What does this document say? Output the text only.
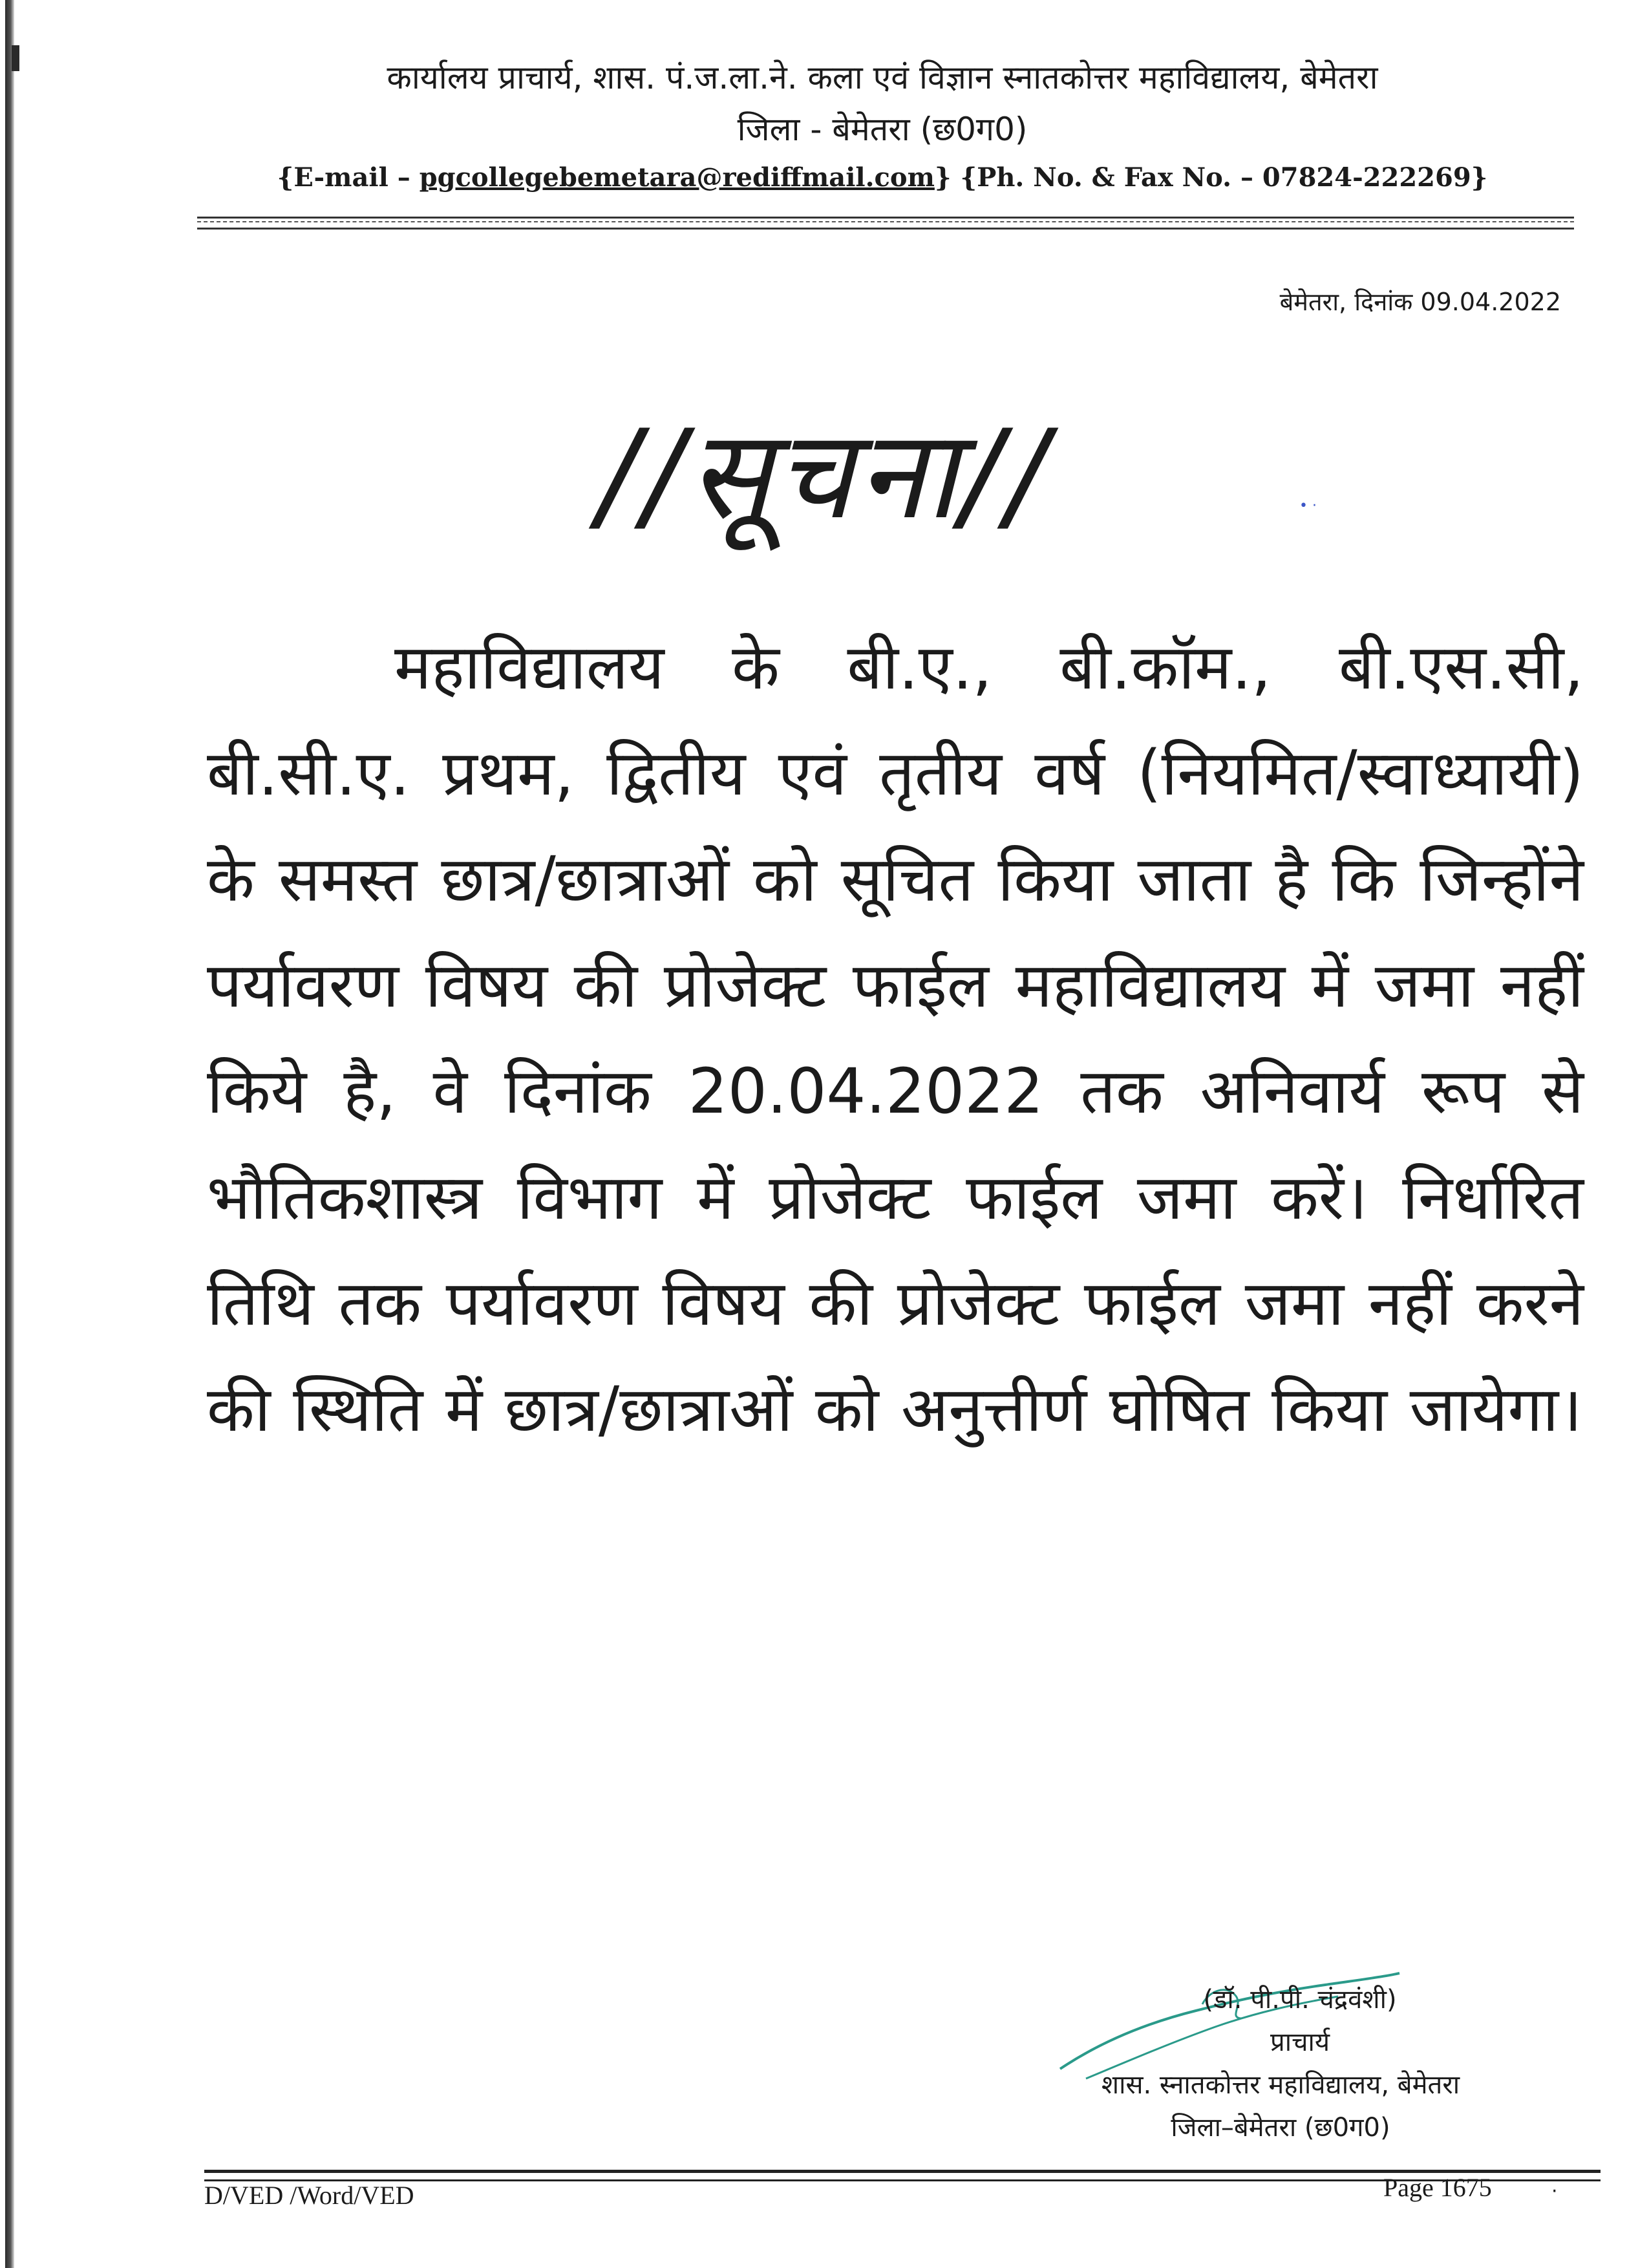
कार्यालय प्राचार्य, शास. पं.ज.ला.ने. कला एवं विज्ञान स्नातकोत्तर महाविद्यालय, बेमेतरा
जिला - बेमेतरा (छ0ग0)
{E-mail – pgcollegebemetara@rediffmail.com} {Ph. No. & Fax No. – 07824-222269}
बेमेतरा, दिनांक 09.04.2022
//सूचना//	• ·
महाविद्यालय के बी.ए., बी.कॉम., बी.एस.सी, बी.सी.ए. प्रथम, द्वितीय एवं तृतीय वर्ष (नियमित/स्वाध्यायी) के समस्त छात्र/छात्राओं को सूचित किया जाता है कि जिन्होंने पर्यावरण विषय की प्रोजेक्ट फाईल महाविद्यालय में जमा नहीं किये है, वे दिनांक 20.04.2022 तक अनिवार्य रूप से भौतिकशास्त्र विभाग में प्रोजेक्ट फाईल जमा करें। निर्धारित तिथि तक पर्यावरण विषय की प्रोजेक्ट फाईल जमा नहीं करने की स्थिति में छात्र/छात्राओं को अनुत्तीर्ण घोषित किया जायेगा।
(डॉ. पी.पी. चंद्रवंशी)
प्राचार्य
शास. स्नातकोत्तर महाविद्यालय, बेमेतरा
जिला–बेमेतरा (छ0ग0)
D/VED /Word/VED	Page 1675	·
